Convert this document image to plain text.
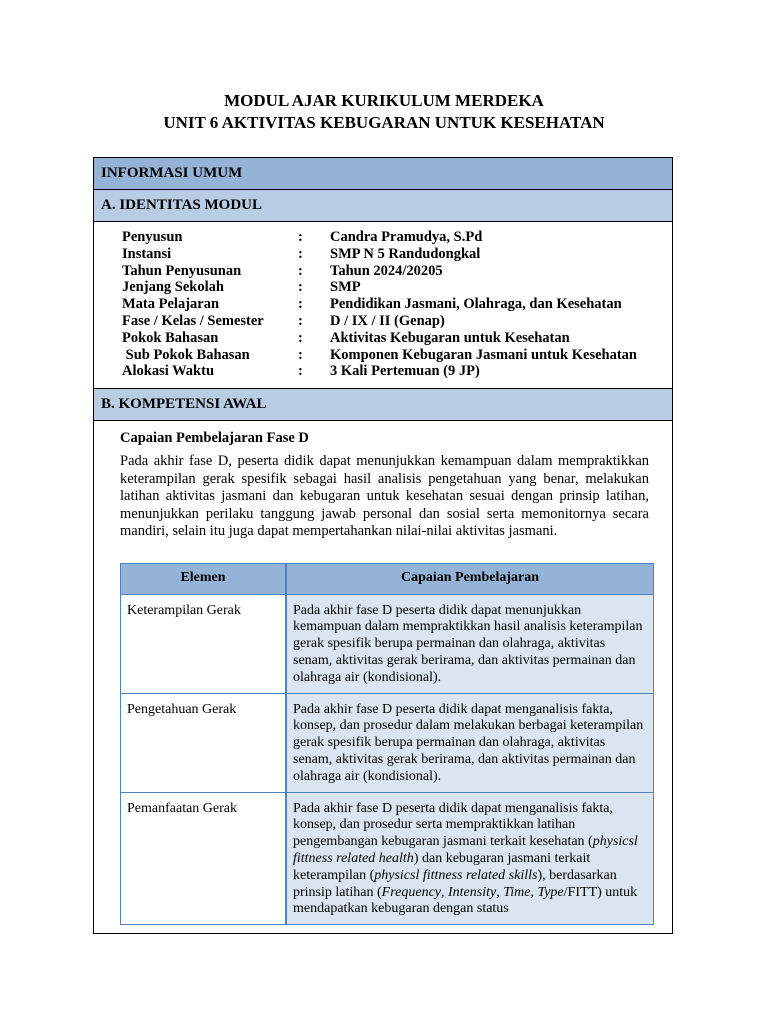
MODUL AJAR KURIKULUM MERDEKA
UNIT 6 AKTIVITAS KEBUGARAN UNTUK KESEHATAN
INFORMASI UMUM
A. IDENTITAS MODUL
Penyusun	:	Candra Pramudya, S.Pd
Instansi	:	SMP N 5 Randudongkal
Tahun Penyusunan	:	Tahun 2024/20205
Jenjang Sekolah	:	SMP
Mata Pelajaran	:	Pendidikan Jasmani, Olahraga, dan Kesehatan
Fase / Kelas / Semester	:	D / IX / II (Genap)
Pokok Bahasan	:	Aktivitas Kebugaran untuk Kesehatan
Sub Pokok Bahasan	:	Komponen Kebugaran Jasmani untuk Kesehatan
Alokasi Waktu	:	3 Kali Pertemuan (9 JP)
B. KOMPETENSI AWAL
Capaian Pembelajaran Fase D
Pada akhir fase D, peserta didik dapat menunjukkan kemampuan dalam mempraktikkan keterampilan gerak spesifik sebagai hasil analisis pengetahuan yang benar, melakukan latihan aktivitas jasmani dan kebugaran untuk kesehatan sesuai dengan prinsip latihan, menunjukkan perilaku tanggung jawab personal dan sosial serta memonitornya secara mandiri, selain itu juga dapat mempertahankan nilai-nilai aktivitas jasmani.
Elemen	Capaian Pembelajaran
Keterampilan Gerak	Pada akhir fase D peserta didik dapat menunjukkan kemampuan dalam mempraktikkan hasil analisis keterampilan gerak spesifik berupa permainan dan olahraga, aktivitas senam, aktivitas gerak berirama, dan aktivitas permainan dan olahraga air (kondisional).
Pengetahuan Gerak	Pada akhir fase D peserta didik dapat menganalisis fakta, konsep, dan prosedur dalam melakukan berbagai keterampilan gerak spesifik berupa permainan dan olahraga, aktivitas senam, aktivitas gerak berirama, dan aktivitas permainan dan olahraga air (kondisional).
Pemanfaatan Gerak	Pada akhir fase D peserta didik dapat menganalisis fakta, konsep, dan prosedur serta mempraktikkan latihan pengembangan kebugaran jasmani terkait kesehatan (physicsl fittness related health) dan kebugaran jasmani terkait keterampilan (physicsl fittness related skills), berdasarkan prinsip latihan (Frequency, Intensity, Time, Type/FITT) untuk mendapatkan kebugaran dengan status
